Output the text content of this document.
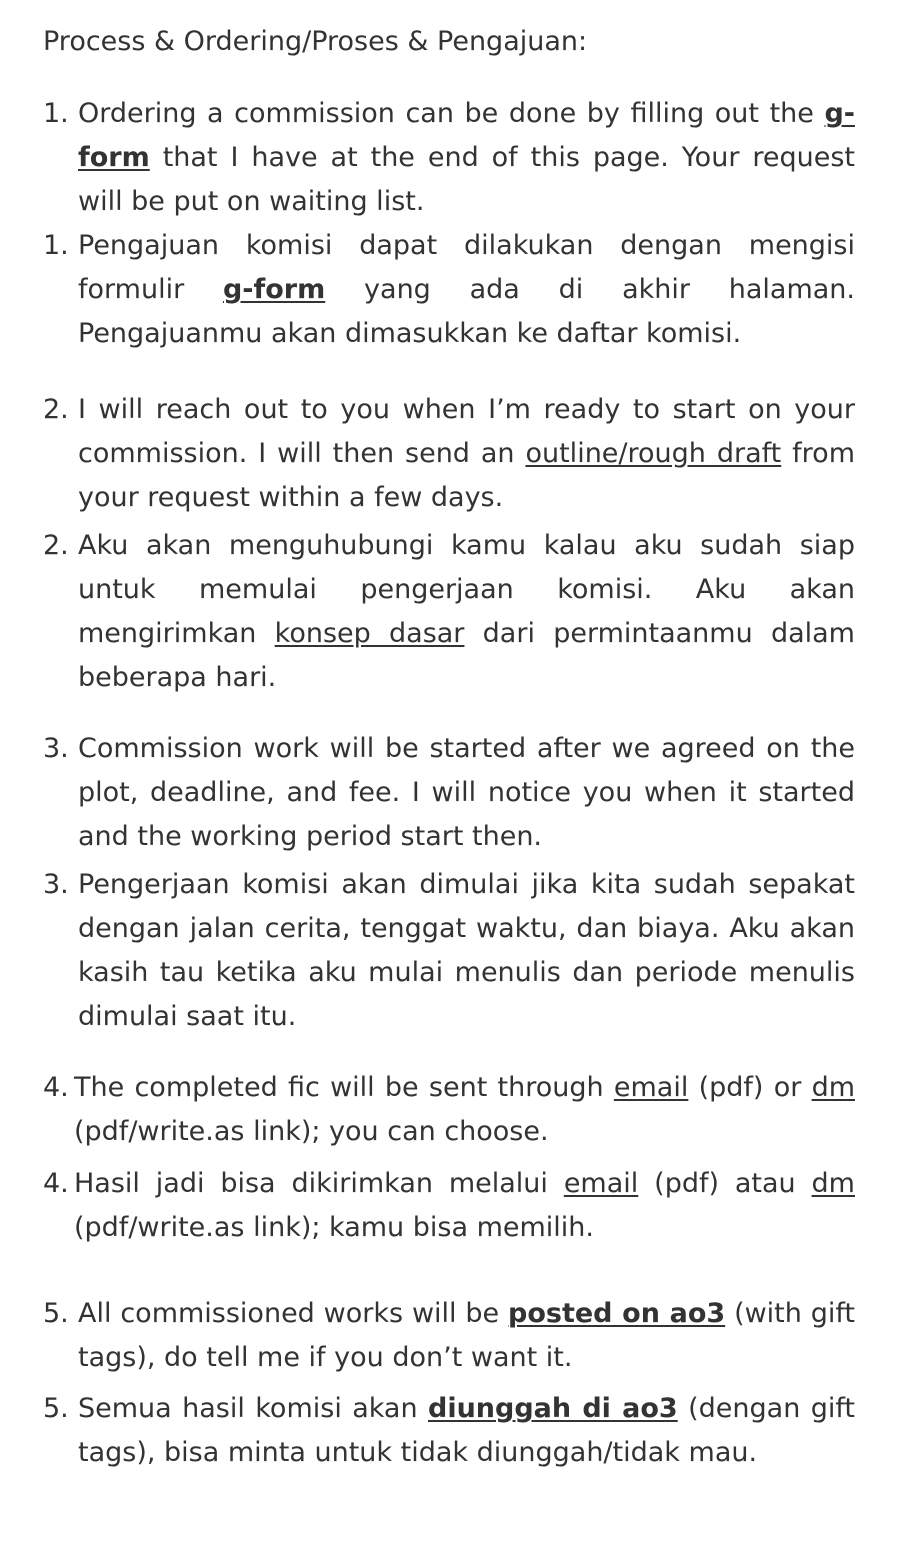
Process & Ordering/Proses & Pengajuan:
1. Ordering a commission can be done by filling out the g-form that I have at the end of this page. Your request will be put on waiting list.
1. Pengajuan komisi dapat dilakukan dengan mengisi formulir g-form yang ada di akhir halaman. Pengajuanmu akan dimasukkan ke daftar komisi.
2. I will reach out to you when I’m ready to start on your commission. I will then send an outline/rough draft from your request within a few days.
2. Aku akan menguhubungi kamu kalau aku sudah siap untuk memulai pengerjaan komisi. Aku akan mengirimkan konsep dasar dari permintaanmu dalam beberapa hari.
3. Commission work will be started after we agreed on the plot, deadline, and fee. I will notice you when it started and the working period start then.
3. Pengerjaan komisi akan dimulai jika kita sudah sepakat dengan jalan cerita, tenggat waktu, dan biaya. Aku akan kasih tau ketika aku mulai menulis dan periode menulis dimulai saat itu.
4. The completed fic will be sent through email (pdf) or dm (pdf/write.as link); you can choose.
4. Hasil jadi bisa dikirimkan melalui email (pdf) atau dm (pdf/write.as link); kamu bisa memilih.
5. All commissioned works will be posted on ao3 (with gift tags), do tell me if you don’t want it.
5. Semua hasil komisi akan diunggah di ao3 (dengan gift tags), bisa minta untuk tidak diunggah/tidak mau.
